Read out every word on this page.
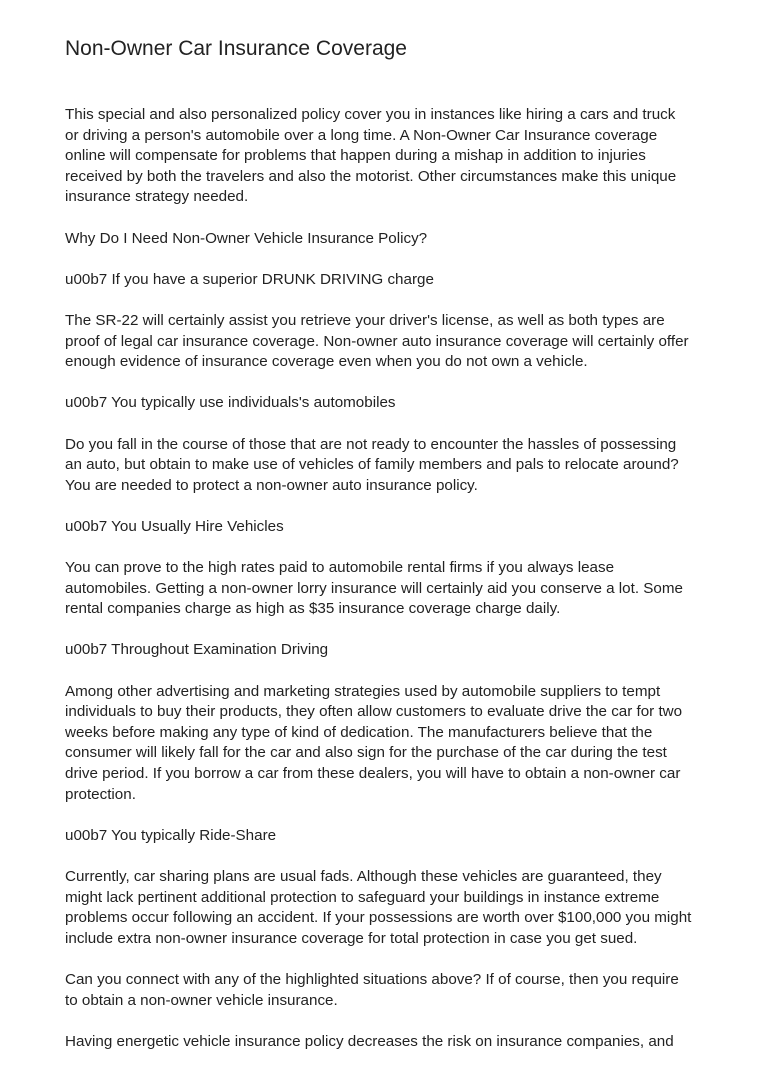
Non-Owner Car Insurance Coverage

This special and also personalized policy cover you in instances like hiring a cars and truck
or driving a person's automobile over a long time. A Non-Owner Car Insurance coverage
online will compensate for problems that happen during a mishap in addition to injuries
received by both the travelers and also the motorist. Other circumstances make this unique
insurance strategy needed.

Why Do I Need Non-Owner Vehicle Insurance Policy?

u00b7 If you have a superior DRUNK DRIVING charge

The SR-22 will certainly assist you retrieve your driver's license, as well as both types are
proof of legal car insurance coverage. Non-owner auto insurance coverage will certainly offer
enough evidence of insurance coverage even when you do not own a vehicle.

u00b7 You typically use individuals's automobiles

Do you fall in the course of those that are not ready to encounter the hassles of possessing
an auto, but obtain to make use of vehicles of family members and pals to relocate around?
You are needed to protect a non-owner auto insurance policy.

u00b7 You Usually Hire Vehicles

You can prove to the high rates paid to automobile rental firms if you always lease
automobiles. Getting a non-owner lorry insurance will certainly aid you conserve a lot. Some
rental companies charge as high as $35 insurance coverage charge daily.

u00b7 Throughout Examination Driving

Among other advertising and marketing strategies used by automobile suppliers to tempt
individuals to buy their products, they often allow customers to evaluate drive the car for two
weeks before making any type of kind of dedication. The manufacturers believe that the
consumer will likely fall for the car and also sign for the purchase of the car during the test
drive period. If you borrow a car from these dealers, you will have to obtain a non-owner car
protection.

u00b7 You typically Ride-Share

Currently, car sharing plans are usual fads. Although these vehicles are guaranteed, they
might lack pertinent additional protection to safeguard your buildings in instance extreme
problems occur following an accident. If your possessions are worth over $100,000 you might
include extra non-owner insurance coverage for total protection in case you get sued.

Can you connect with any of the highlighted situations above? If of course, then you require
to obtain a non-owner vehicle insurance.

Having energetic vehicle insurance policy decreases the risk on insurance companies, and
